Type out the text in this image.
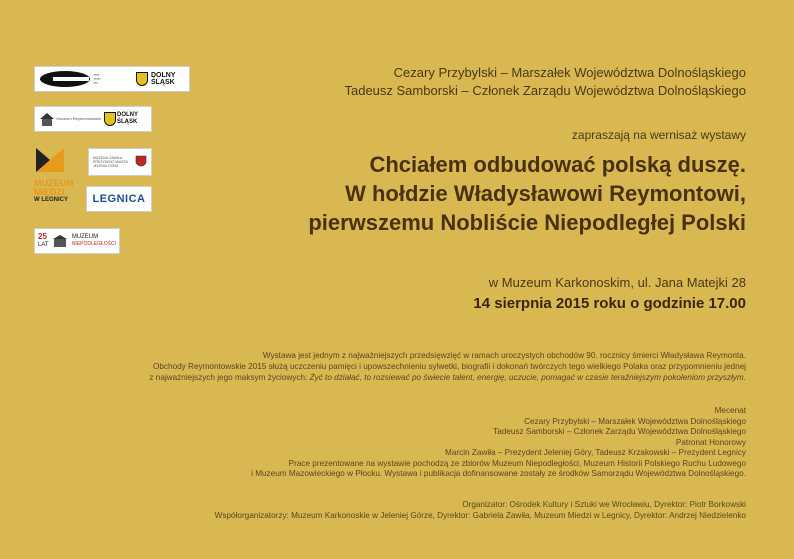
▪▪▪▪
▪▪▪▪▪
▪▪▪
DOLNY ŚLĄSK
Muzeum Reymontowskie
DOLNY ŚLĄSK
MUZEUM MIEDZI
W LEGNICY
MUZEUM ZAWIŁA PREZYDENT MIASTA JELENIA GÓRA
LEGNICA
25
LAT
MUZEUM
NIEPODLEGŁOŚCI
Cezary Przybylski – Marszałek Województwa Dolnośląskiego
Tadeusz Samborski – Członek Zarządu Województwa Dolnośląskiego
zapraszają na wernisaż wystawy
Chciałem odbudować polską duszę.
W hołdzie Władysławowi Reymontowi,
pierwszemu Nobliście Niepodległej Polski
w Muzeum Karkonoskim, ul. Jana Matejki 28
14 sierpnia 2015 roku o godzinie 17.00
Wystawa jest jednym z najważniejszych przedsięwzięć w ramach uroczystych obchodów 90. rocznicy śmierci Władysława Reymonta.
Obchody Reymontowskie 2015 służą uczczeniu pamięci i upowszechnieniu sylwetki, biografii i dokonań twórczych tego wielkiego Polaka oraz przypomnieniu jednej
z najważniejszych jego maksym życiowych: Żyć to działać, to rozsiewać po świecie talent, energię, uczucie, pomagać w czasie teraźniejszym pokoleniom przyszłym.
Mecenat
Cezary Przybylski – Marszałek Województwa Dolnośląskiego
Tadeusz Samborski – Członek Zarządu Województwa Dolnośląskiego
Patronat Honorowy
Marcin Zawiła – Prezydent Jeleniej Góry, Tadeusz Krzakowski – Prezydent Legnicy
Prace prezentowane na wystawie pochodzą ze zbiorów Muzeum Niepodległości, Muzeum Historii Polskiego Ruchu Ludowego
i Muzeum Mazowieckiego w Płocku. Wystawa i publikacja dofinansowane zostały ze środków Samorządu Województwa Dolnośląskiego.
Organizator: Ośrodek Kultury i Sztuki we Wrocławiu, Dyrektor: Piotr Borkowski
Współorganizatorzy: Muzeum Karkonoskie w Jeleniej Górze, Dyrektor: Gabriela Zawiła, Muzeum Miedzi w Legnicy, Dyrektor: Andrzej Niedzielenko
